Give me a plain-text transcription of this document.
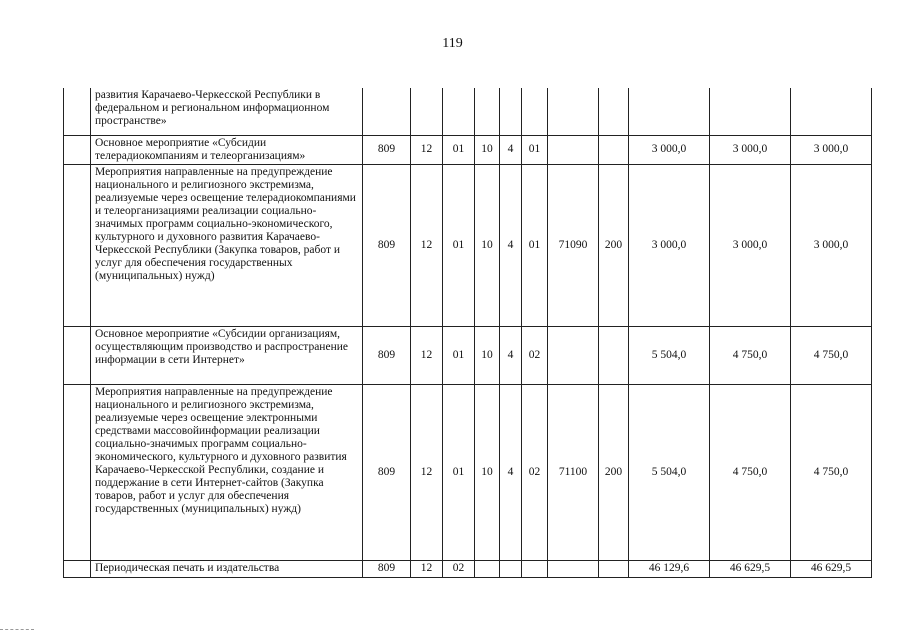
119
	развития Карачаево-Черкесской Республики в федеральном и региональном информационном пространстве»											
	Основное мероприятие «Субсидии телерадиокомпаниям и телеорганизациям»	809	12	01	10	4	01			3 000,0	3 000,0	3 000,0
	Мероприятия направленные на предупреждение национального и религиозного экстремизма, реализуемые через освещение телерадиокомпаниями и телеорганизациями реализации социально-значимых программ социально-экономического, культурного и духовного развития Карачаево-Черкесской Республики (Закупка товаров, работ и услуг для обеспечения государственных (муниципальных) нужд)	809	12	01	10	4	01	71090	200	3 000,0	3 000,0	3 000,0
	Основное мероприятие «Субсидии организациям, осуществляющим производство и распространение информации в сети Интернет»	809	12	01	10	4	02			5 504,0	4 750,0	4 750,0
	Мероприятия направленные на предупреждение национального и религиозного экстремизма, реализуемые через освещение электронными средствами массовойинформации реализации социально-значимых программ социально-экономического, культурного и духовного развития Карачаево-Черкесской Республики, создание и поддержание в сети Интернет-сайтов (Закупка товаров, работ и услуг для обеспечения государственных (муниципальных) нужд)	809	12	01	10	4	02	71100	200	5 504,0	4 750,0	4 750,0
	Периодическая печать и издательства	809	12	02						46 129,6	46 629,5	46 629,5
